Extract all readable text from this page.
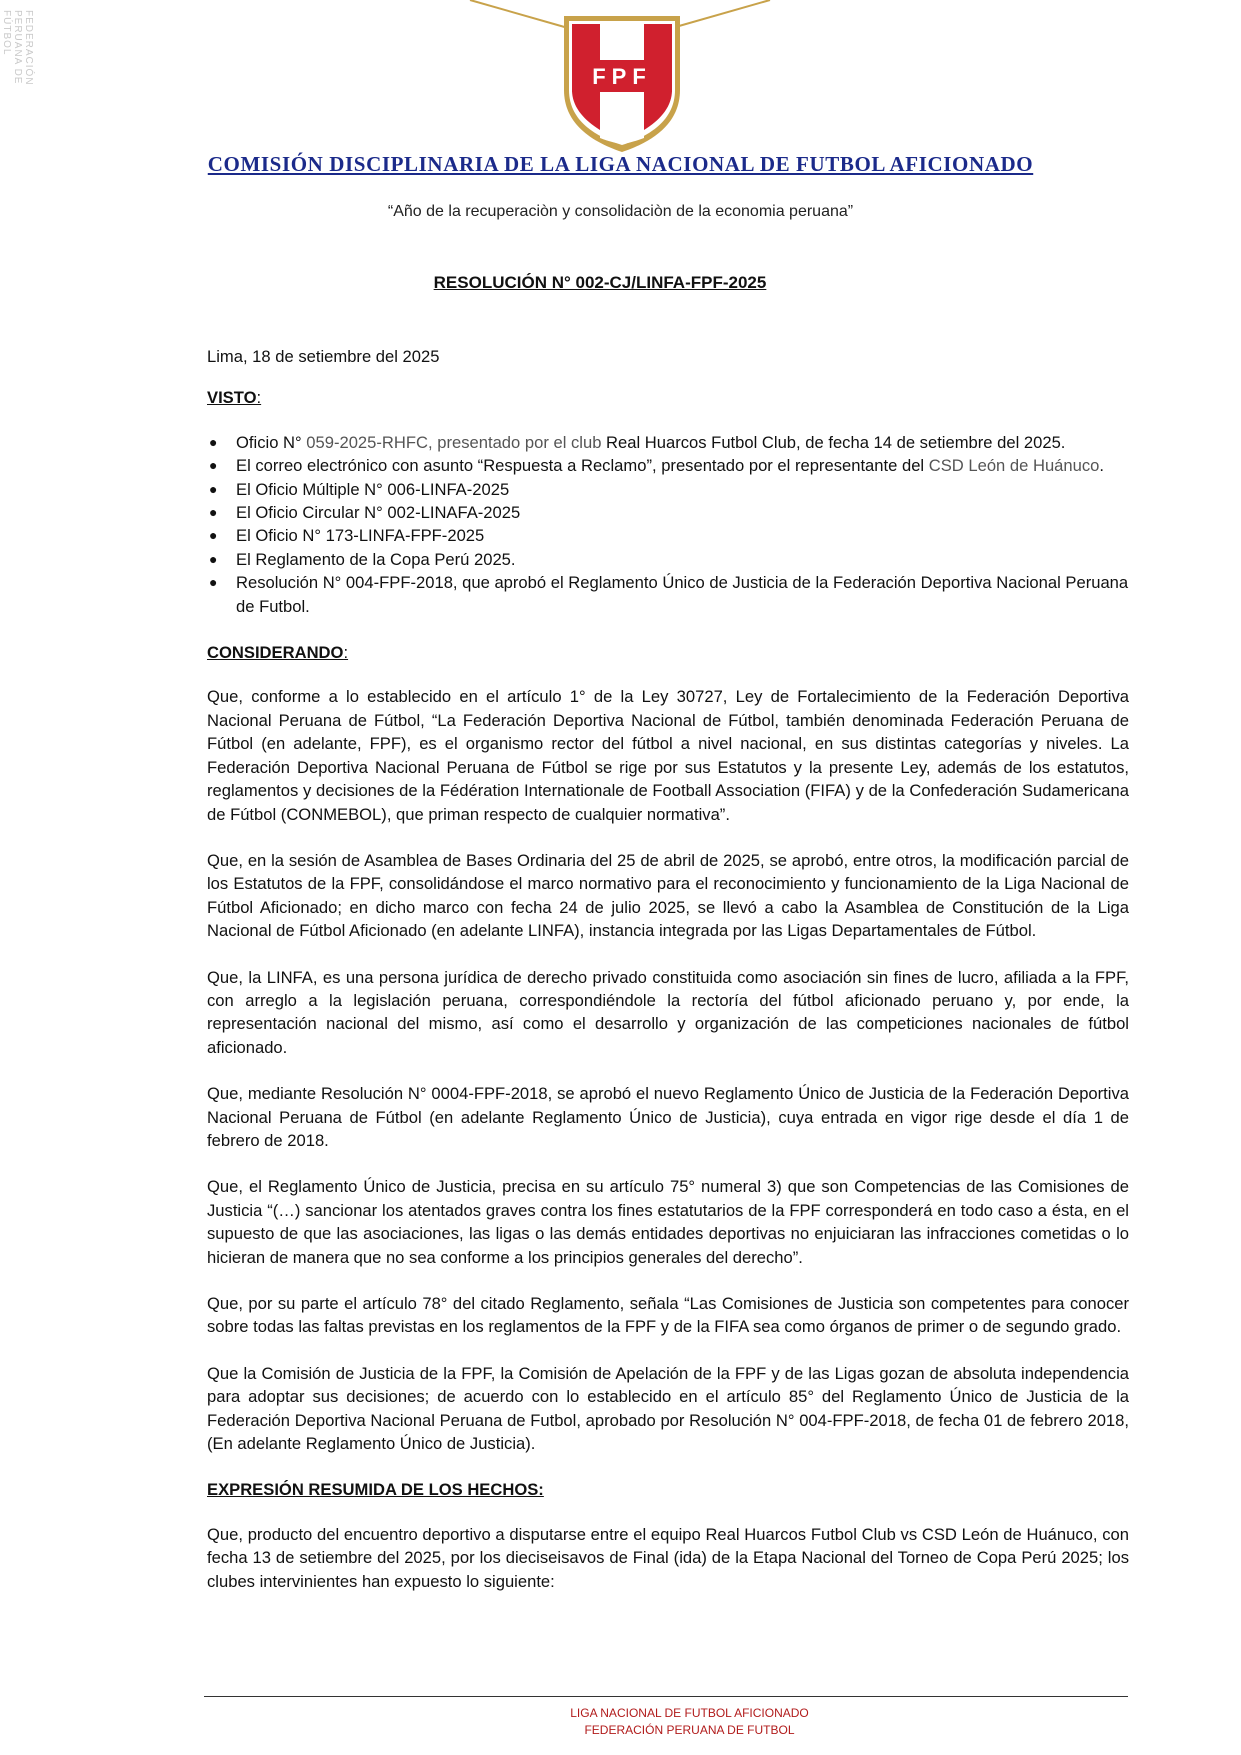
FEDERACIÓN PERUANA DE FÚTBOL
FPF
COMISIÓN DISCIPLINARIA DE LA LIGA NACIONAL DE FUTBOL AFICIONADO
“Año de la recuperaciòn y consolidaciòn de la economia peruana”
RESOLUCIÓN N° 002-CJ/LINFA-FPF-2025

Lima, 18 de setiembre del 2025

VISTO:

● Oficio N° 059-2025-RHFC, presentado por el club Real Huarcos Futbol Club, de fecha 14 de setiembre del 2025.
● El correo electrónico con asunto “Respuesta a Reclamo”, presentado por el representante del CSD León de Huánuco.
● El Oficio Múltiple N° 006-LINFA-2025
● El Oficio Circular N° 002-LINAFA-2025
● El Oficio N° 173-LINFA-FPF-2025
● El Reglamento de la Copa Perú 2025.
● Resolución N° 004-FPF-2018, que aprobó el Reglamento Único de Justicia de la Federación Deportiva Nacional Peruana de Futbol.

CONSIDERANDO:

Que, conforme a lo establecido en el artículo 1° de la Ley 30727, Ley de Fortalecimiento de la Federación Deportiva Nacional Peruana de Fútbol, “La Federación Deportiva Nacional de Fútbol, también denominada Federación Peruana de Fútbol (en adelante, FPF), es el organismo rector del fútbol a nivel nacional, en sus distintas categorías y niveles. La Federación Deportiva Nacional Peruana de Fútbol se rige por sus Estatutos y la presente Ley, además de los estatutos, reglamentos y decisiones de la Fédération Internationale de Football Association (FIFA) y de la Confederación Sudamericana de Fútbol (CONMEBOL), que priman respecto de cualquier normativa”.

Que, en la sesión de Asamblea de Bases Ordinaria del 25 de abril de 2025, se aprobó, entre otros, la modificación parcial de los Estatutos de la FPF, consolidándose el marco normativo para el reconocimiento y funcionamiento de la Liga Nacional de Fútbol Aficionado; en dicho marco con fecha 24 de julio 2025, se llevó a cabo la Asamblea de Constitución de la Liga Nacional de Fútbol Aficionado (en adelante LINFA), instancia integrada por las Ligas Departamentales de Fútbol.

Que, la LINFA, es una persona jurídica de derecho privado constituida como asociación sin fines de lucro, afiliada a la FPF, con arreglo a la legislación peruana, correspondiéndole la rectoría del fútbol aficionado peruano y, por ende, la representación nacional del mismo, así como el desarrollo y organización de las competiciones nacionales de fútbol aficionado.

Que, mediante Resolución N° 0004-FPF-2018, se aprobó el nuevo Reglamento Único de Justicia de la Federación Deportiva Nacional Peruana de Fútbol (en adelante Reglamento Único de Justicia), cuya entrada en vigor rige desde el día 1 de febrero de 2018.

Que, el Reglamento Único de Justicia, precisa en su artículo 75° numeral 3) que son Competencias de las Comisiones de Justicia “(…) sancionar los atentados graves contra los fines estatutarios de la FPF corresponderá en todo caso a ésta, en el supuesto de que las asociaciones, las ligas o las demás entidades deportivas no enjuiciaran las infracciones cometidas o lo hicieran de manera que no sea conforme a los principios generales del derecho”.

Que, por su parte el artículo 78° del citado Reglamento, señala “Las Comisiones de Justicia son competentes para conocer sobre todas las faltas previstas en los reglamentos de la FPF y de la FIFA sea como órganos de primer o de segundo grado.

Que la Comisión de Justicia de la FPF, la Comisión de Apelación de la FPF y de las Ligas gozan de absoluta independencia para adoptar sus decisiones; de acuerdo con lo establecido en el artículo 85° del Reglamento Único de Justicia de la Federación Deportiva Nacional Peruana de Futbol, aprobado por Resolución N° 004-FPF-2018, de fecha 01 de febrero 2018, (En adelante Reglamento Único de Justicia).

EXPRESIÓN RESUMIDA DE LOS HECHOS:

Que, producto del encuentro deportivo a disputarse entre el equipo Real Huarcos Futbol Club vs CSD León de Huánuco, con fecha 13 de setiembre del 2025, por los dieciseisavos de Final (ida) de la Etapa Nacional del Torneo de Copa Perú 2025; los clubes intervinientes han expuesto lo siguiente:

LIGA NACIONAL DE FUTBOL AFICIONADO
FEDERACIÓN PERUANA DE FUTBOL
